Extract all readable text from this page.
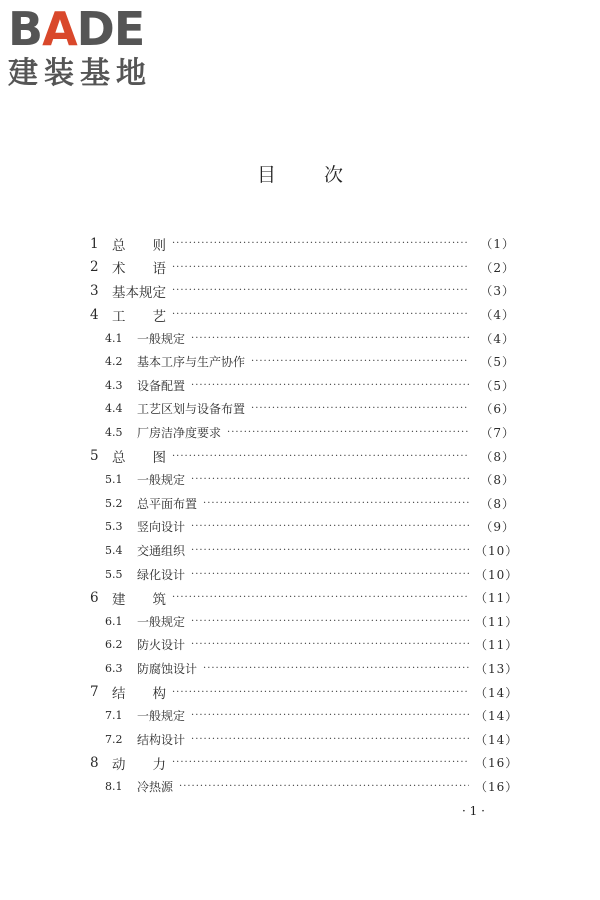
BADE
建装基地
目	次
1 总　　则 ·····	（1）
2 术　　语 ·····	（2）
3 基本规定 ·····	（3）
4 工　　艺 ·····	（4）
4.1	一般规定 ·····	（4）
4.2	基本工序与生产协作 ·····	（5）
4.3	设备配置 ·····	（5）
4.4	工艺区划与设备布置 ·····	（6）
4.5	厂房洁净度要求 ·····	（7）
5 总　　图 ·····	（8）
5.1	一般规定 ·····	（8）
5.2	总平面布置 ·····	（8）
5.3	竖向设计 ·····	（9）
5.4	交通组织 ·····	（10）
5.5	绿化设计 ·····	（10）
6 建　　筑 ·····	（11）
6.1	一般规定 ·····	（11）
6.2	防火设计 ·····	（11）
6.3	防腐蚀设计 ·····	（13）
7 结　　构 ·····	（14）
7.1	一般规定 ·····	（14）
7.2	结构设计 ·····	（14）
8 动　　力 ·····	（16）
8.1	冷热源 ·····	（16）
· 1 ·
